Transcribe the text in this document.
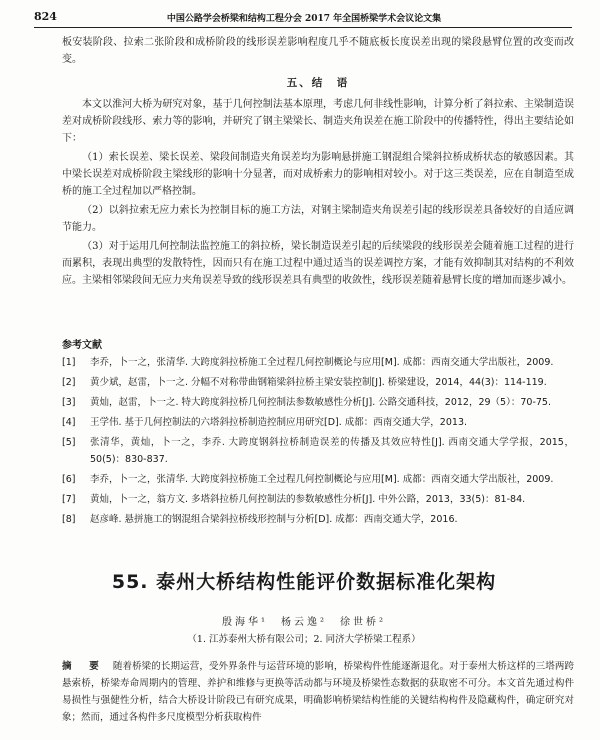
824	中国公路学会桥梁和结构工程分会 2017 年全国桥梁学术会议论文集
板安装阶段、拉索二张阶段和成桥阶段的线形误差影响程度几乎不随底板长度误差出现的梁段悬臂位置的改变而改变。
五、结　语
本文以淮河大桥为研究对象，基于几何控制法基本原理，考虑几何非线性影响，计算分析了斜拉索、主梁制造误差对成桥阶段线形、索力等的影响，并研究了钢主梁梁长、制造夹角误差在施工阶段中的传播特性，得出主要结论如下：
（1）索长误差、梁长误差、梁段间制造夹角误差均为影响悬拼施工钢混组合梁斜拉桥成桥状态的敏感因素。其中梁长误差对成桥阶段主梁线形的影响十分显著，而对成桥索力的影响相对较小。对于这三类误差，应在自制造至成桥的施工全过程加以严格控制。
（2）以斜拉索无应力索长为控制目标的施工方法，对钢主梁制造夹角误差引起的线形误差具备较好的自适应调节能力。
（3）对于运用几何控制法监控施工的斜拉桥，梁长制造误差引起的后续梁段的线形误差会随着施工过程的进行而累积，表现出典型的发散特性，因而只有在施工过程中通过适当的误差调控方案，才能有效抑制其对结构的不利效应。主梁相邻梁段间无应力夹角误差导致的线形误差具有典型的收敛性，线形误差随着悬臂长度的增加而逐步减小。
参考文献
[1] 李乔，卜一之，张清华. 大跨度斜拉桥施工全过程几何控制概论与应用[M]. 成都：西南交通大学出版社，2009.
[2] 黄少斌，赵雷，卜一之. 分幅不对称带曲钢箱梁斜拉桥主梁安装控制[J]. 桥梁建设，2014，44(3)：114-119.
[3] 黄灿，赵雷，卜一之. 特大跨度斜拉桥几何控制法参数敏感性分析[J]. 公路交通科技，2012，29（5）：70-75.
[4] 王学伟. 基于几何控制法的六塔斜拉桥制造控制应用研究[D]. 成都：西南交通大学，2013.
[5] 张清华，黄灿，卜一之，李乔. 大跨度钢斜拉桥制造误差的传播及其效应特性[J]. 西南交通大学学报，2015，50(5)：830-837.
[6] 李乔，卜一之，张清华. 大跨度斜拉桥施工全过程几何控制概论与应用[M]. 成都：西南交通大学出版社，2009.
[7] 黄灿，卜一之，翁方文. 多塔斜拉桥几何控制法的参数敏感性分析[J]. 中外公路，2013，33(5)：81-84.
[8] 赵彦峰. 悬拼施工的钢混组合梁斜拉桥线形控制与分析[D]. 成都：西南交通大学，2016.
55. 泰州大桥结构性能评价数据标准化架构
殷海华¹　杨云逸²　徐世桥²
（1. 江苏泰州大桥有限公司；2. 同济大学桥梁工程系）
摘　要 随着桥梁的长期运营，受外界条件与运营环境的影响，桥梁构件性能逐渐退化。对于泰州大桥这样的三塔两跨悬索桥，桥梁寿命周期内的管理、养护和维修与更换等活动都与环境及桥梁性态数据的获取密不可分。本文首先通过构件易损性与强健性分析，结合大桥设计阶段已有研究成果，明确影响桥梁结构性能的关键结构构件及隐藏构件，确定研究对象；然而，通过各构件多尺度模型分析获取构件
